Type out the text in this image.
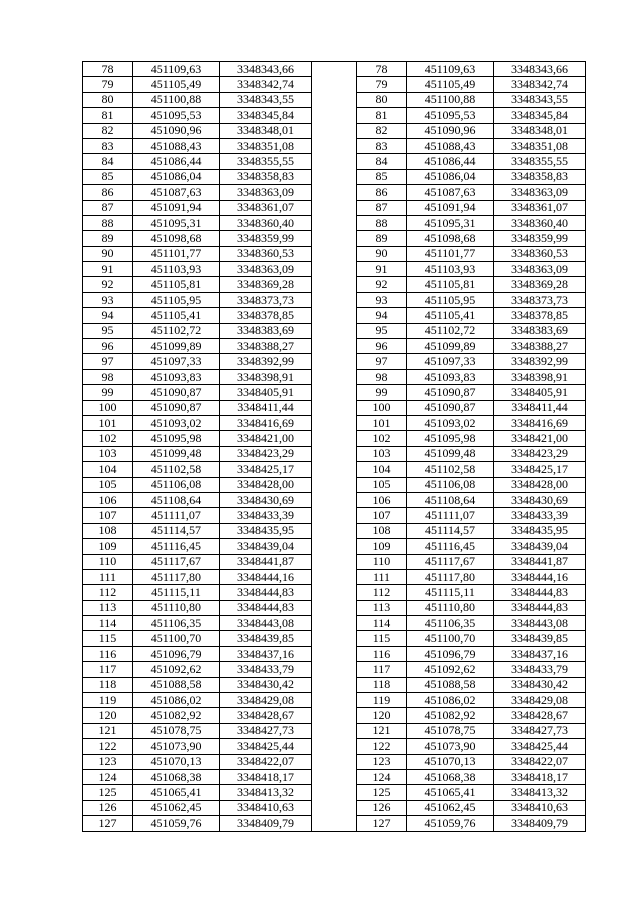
78	451109,63	3348343,66		78	451109,63	3348343,66
79	451105,49	3348342,74		79	451105,49	3348342,74
80	451100,88	3348343,55		80	451100,88	3348343,55
81	451095,53	3348345,84		81	451095,53	3348345,84
82	451090,96	3348348,01		82	451090,96	3348348,01
83	451088,43	3348351,08		83	451088,43	3348351,08
84	451086,44	3348355,55		84	451086,44	3348355,55
85	451086,04	3348358,83		85	451086,04	3348358,83
86	451087,63	3348363,09		86	451087,63	3348363,09
87	451091,94	3348361,07		87	451091,94	3348361,07
88	451095,31	3348360,40		88	451095,31	3348360,40
89	451098,68	3348359,99		89	451098,68	3348359,99
90	451101,77	3348360,53		90	451101,77	3348360,53
91	451103,93	3348363,09		91	451103,93	3348363,09
92	451105,81	3348369,28		92	451105,81	3348369,28
93	451105,95	3348373,73		93	451105,95	3348373,73
94	451105,41	3348378,85		94	451105,41	3348378,85
95	451102,72	3348383,69		95	451102,72	3348383,69
96	451099,89	3348388,27		96	451099,89	3348388,27
97	451097,33	3348392,99		97	451097,33	3348392,99
98	451093,83	3348398,91		98	451093,83	3348398,91
99	451090,87	3348405,91		99	451090,87	3348405,91
100	451090,87	3348411,44		100	451090,87	3348411,44
101	451093,02	3348416,69		101	451093,02	3348416,69
102	451095,98	3348421,00		102	451095,98	3348421,00
103	451099,48	3348423,29		103	451099,48	3348423,29
104	451102,58	3348425,17		104	451102,58	3348425,17
105	451106,08	3348428,00		105	451106,08	3348428,00
106	451108,64	3348430,69		106	451108,64	3348430,69
107	451111,07	3348433,39		107	451111,07	3348433,39
108	451114,57	3348435,95		108	451114,57	3348435,95
109	451116,45	3348439,04		109	451116,45	3348439,04
110	451117,67	3348441,87		110	451117,67	3348441,87
111	451117,80	3348444,16		111	451117,80	3348444,16
112	451115,11	3348444,83		112	451115,11	3348444,83
113	451110,80	3348444,83		113	451110,80	3348444,83
114	451106,35	3348443,08		114	451106,35	3348443,08
115	451100,70	3348439,85		115	451100,70	3348439,85
116	451096,79	3348437,16		116	451096,79	3348437,16
117	451092,62	3348433,79		117	451092,62	3348433,79
118	451088,58	3348430,42		118	451088,58	3348430,42
119	451086,02	3348429,08		119	451086,02	3348429,08
120	451082,92	3348428,67		120	451082,92	3348428,67
121	451078,75	3348427,73		121	451078,75	3348427,73
122	451073,90	3348425,44		122	451073,90	3348425,44
123	451070,13	3348422,07		123	451070,13	3348422,07
124	451068,38	3348418,17		124	451068,38	3348418,17
125	451065,41	3348413,32		125	451065,41	3348413,32
126	451062,45	3348410,63		126	451062,45	3348410,63
127	451059,76	3348409,79		127	451059,76	3348409,79
